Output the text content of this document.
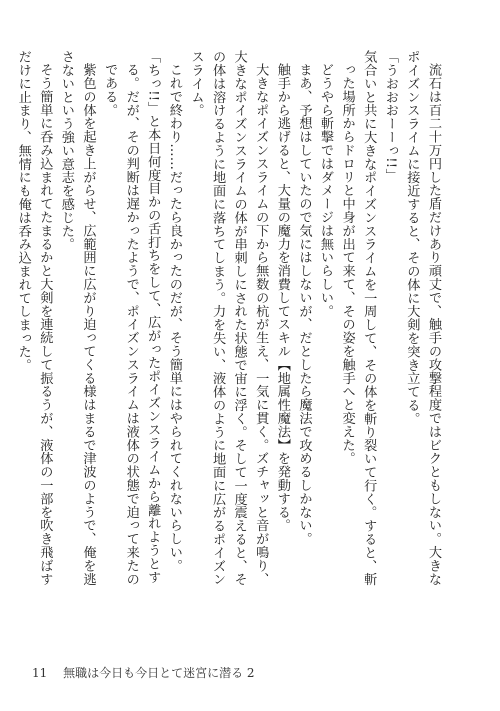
流石は百二十万円した盾だけあり頑丈で、触手の攻撃程度ではビクともしない。大きなポイズンスライムに接近すると、その体に大剣を突き立てる。

「うおおおーーっ!!」

気合いと共に大きなポイズンスライムを一周して、その体を斬り裂いて行く。すると、斬った場所からドロリと中身が出て来て、その姿を触手へと変えた。

どうやら斬撃ではダメージは無いらしい。

まあ、予想はしていたので気にはしないが、だとしたら魔法で攻めるしかない。

触手から逃げると、大量の魔力を消費してスキル【地属性魔法】を発動する。

大きなポイズンスライムの下から無数の杭が生え、一気に貫く。ズチャッと音が鳴り、大きなポイズンスライムの体が串刺しにされた状態で宙に浮く。そして一度震えると、その体は溶けるように地面に落ちてしまう。力を失い、液体のように地面に広がるポイズンスライム。

これで終わり……だったら良かったのだが、そう簡単にはやられてくれないらしい。

「ちっ!!」と本日何度目かの舌打ちをして、広がったポイズンスライムから離れようとする。だが、その判断は遅かったようで、ポイズンスライムは液体の状態で迫って来たのである。

紫色の体を起き上がらせ、広範囲に広がり迫ってくる様はまるで津波のようで、俺を逃さないという強い意志を感じた。

そう簡単に呑み込まれてたまるかと大剣を連続して振るうが、液体の一部を吹き飛ばすだけに止まり、無情にも俺は呑み込まれてしまった。

11 無職は今日も今日とて迷宮に潜る 2
